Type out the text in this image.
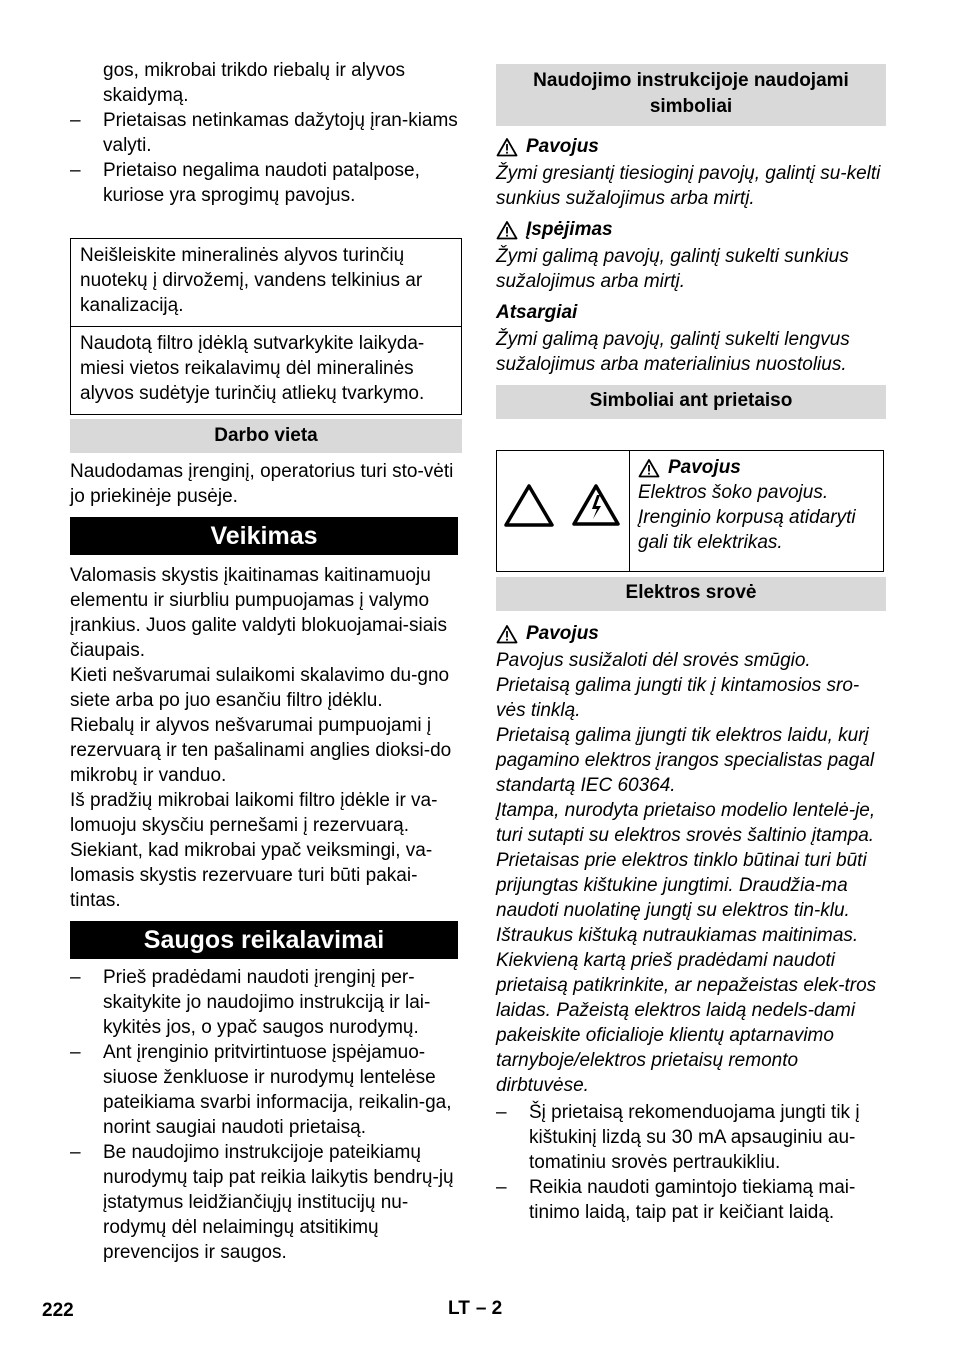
gos, mikrobai trikdo riebalų ir alyvos skaidymą.

– Prietaisas netinkamas dažytojų įran-kiams valyti.
– Prietaiso negalima naudoti patalpose, kuriose yra sprogimų pavojus.
Neišleiskite mineralinės alyvos turinčių nuotekų į dirvožemį, vandens telkinius ar kanalizaciją.
Naudotą filtro įdėklą sutvarkykite laikyda-miesi vietos reikalavimų dėl mineralinės alyvos sudėtyje turinčių atliekų tvarkymo.
Darbo vieta

Naudodamas įrenginį, operatorius turi sto-vėti jo priekinėje pusėje.

Veikimas

Valomasis skystis įkaitinamas kaitinamuoju elementu ir siurbliu pumpuojamas į valymo įrankius. Juos galite valdyti blokuojamai-siais čiaupais.

Kieti nešvarumai sulaikomi skalavimo du-gno siete arba po juo esančiu filtro įdėklu.

Riebalų ir alyvos nešvarumai pumpuojami į rezervuarą ir ten pašalinami anglies dioksi-do mikrobų ir vanduo.

Iš pradžių mikrobai laikomi filtro įdėkle ir va-lomuoju skysčiu pernešami į rezervuarą.

Siekiant, kad mikrobai ypač veiksmingi, va-lomasis skystis rezervuare turi būti pakai-tintas.

Saugos reikalavimai
– Prieš pradėdami naudoti įrenginį per-skaitykite jo naudojimo instrukciją ir lai-kykitės jos, o ypač saugos nurodymų.
– Ant įrenginio pritvirtintuose įspėjamuo-siuose ženkluose ir nurodymų lentelėse pateikiama svarbi informacija, reikalin-ga, norint saugiai naudoti prietaisą.
– Be naudojimo instrukcijoje pateikiamų nurodymų taip pat reikia laikytis bendrų-jų įstatymus leidžiančiųjų institucijų nu-rodymų dėl nelaimingų atsitikimų prevencijos ir saugos.
Naudojimo instrukcijoje naudojami simboliai
Pavojus

Žymi gresiantį tiesioginį pavojų, galintį su-kelti sunkius sužalojimus arba mirtį.

Įspėjimas

Žymi galimą pavojų, galintį sukelti sunkius sužalojimus arba mirtį.

Atsargiai

Žymi galimą pavojų, galintį sukelti lengvus sužalojimus arba materialinius nuostolius.

Simboliai ant prietaiso
Pavojus

Elektros šoko pavojus. Įrenginio korpusą atidaryti gali tik elektrikas.

Elektros srovė
Pavojus

Pavojus susižaloti dėl srovės smūgio.

Prietaisą galima jungti tik į kintamosios sro-vės tinklą.

Prietaisą galima įjungti tik elektros laidu, kurį pagamino elektros įrangos specialistas pagal standartą IEC 60364.

Įtampa, nurodyta prietaiso modelio lentelė-je, turi sutapti su elektros srovės šaltinio įtampa.

Prietaisas prie elektros tinklo būtinai turi būti prijungtas kištukine jungtimi. Draudžia-ma naudoti nuolatinę jungtį su elektros tin-klu. Ištraukus kištuką nutraukiamas maitinimas.

Kiekvieną kartą prieš pradėdami naudoti prietaisą patikrinkite, ar nepažeistas elek-tros laidas. Pažeistą elektros laidą nedels-dami pakeiskite oficialioje klientų aptarnavimo tarnyboje/elektros prietaisų remonto dirbtuvėse.

– Šį prietaisą rekomenduojama jungti tik į kištukinį lizdą su 30 mA apsauginiu au-tomatiniu srovės pertraukikliu.
– Reikia naudoti gamintojo tiekiamą mai-tinimo laidą, taip pat ir keičiant laidą.
222	LT – 2
